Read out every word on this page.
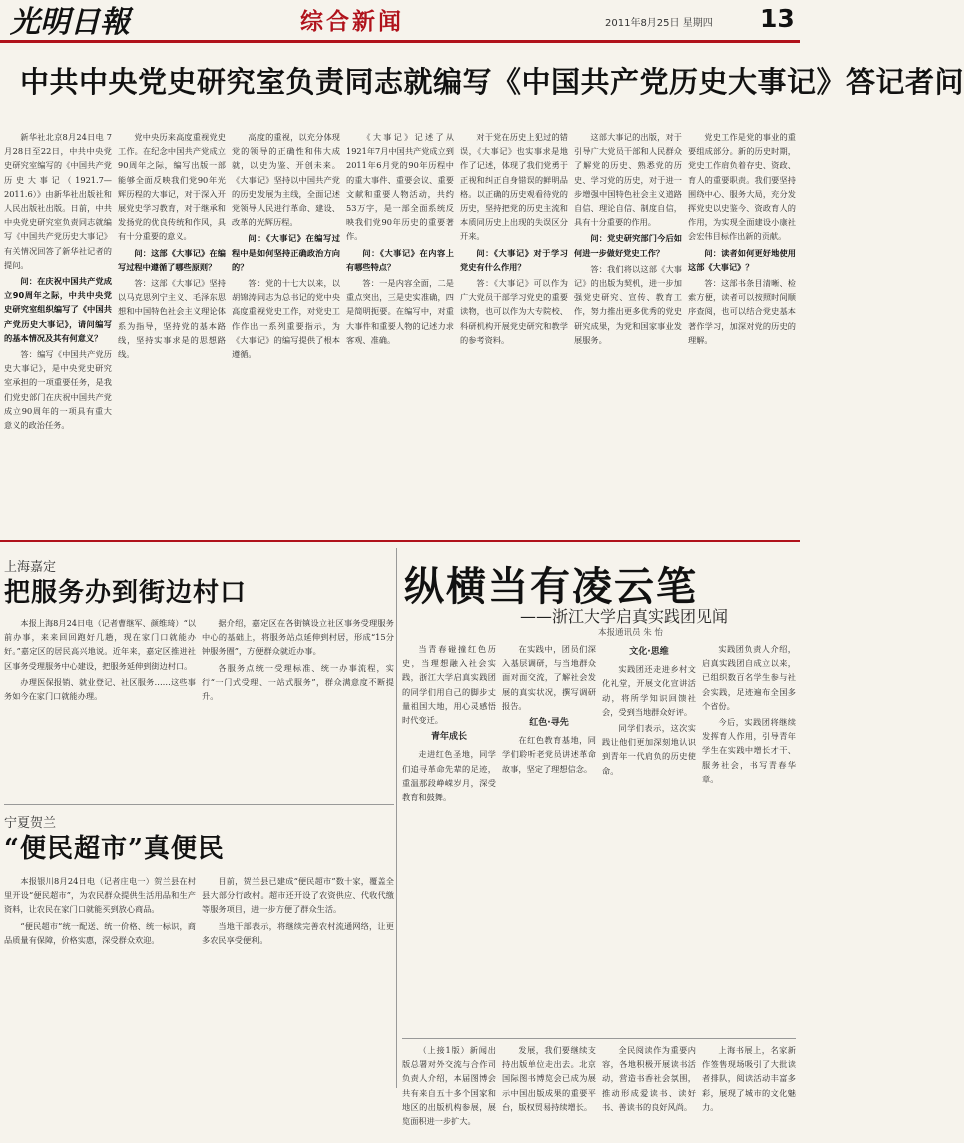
光明日報	综合新闻	2011年8月25日 星期四 13
中共中央党史研究室负责同志就编写《中国共产党历史大事记》答记者问

新华社北京8月24日电 7月28日至22日，中共中央党史研究室编写的《中国共产党历史大事记（1921.7—2011.6）》由新华社出版社和人民出版社出版。日前，中共中央党史研究室负责同志就编写《中国共产党历史大事记》有关情况回答了新华社记者的提问。

问：在庆祝中国共产党成立90周年之际，中共中央党史研究室组织编写了《中国共产党历史大事记》，请问编写的基本情况及其有何意义？

答：编写《中国共产党历史大事记》，是中央党史研究室承担的一项重要任务，是我们党史部门在庆祝中国共产党成立90周年的一项具有重大意义的政治任务。

党中央历来高度重视党史工作。在纪念中国共产党成立90周年之际，编写出版一部能够全面反映我们党90年光辉历程的大事记，对于深入开展党史学习教育，对于继承和发扬党的优良传统和作风，具有十分重要的意义。

问：这部《大事记》在编写过程中遵循了哪些原则？

答：这部《大事记》坚持以马克思列宁主义、毛泽东思想和中国特色社会主义理论体系为指导，坚持党的基本路线，坚持实事求是的思想路线。

高度的重视，以充分体现党的领导的正确性和伟大成就，以史为鉴、开创未来。《大事记》坚持以中国共产党的历史发展为主线，全面记述党领导人民进行革命、建设、改革的光辉历程。

问：《大事记》在编写过程中是如何坚持正确政治方向的？

答：党的十七大以来，以胡锦涛同志为总书记的党中央高度重视党史工作，对党史工作作出一系列重要指示，为《大事记》的编写提供了根本遵循。

《大事记》记述了从1921年7月中国共产党成立到2011年6月党的90年历程中的重大事件、重要会议、重要文献和重要人物活动，共约53万字，是一部全面系统反映我们党90年历史的重要著作。

问：《大事记》在内容上有哪些特点？

答：一是内容全面，二是重点突出，三是史实准确，四是简明扼要。在编写中，对重大事件和重要人物的记述力求客观、准确。

对于党在历史上犯过的错误，《大事记》也实事求是地作了记述，体现了我们党勇于正视和纠正自身错误的鲜明品格。以正确的历史观看待党的历史，坚持把党的历史主流和本质同历史上出现的失误区分开来。

问：《大事记》对于学习党史有什么作用？

答：《大事记》可以作为广大党员干部学习党史的重要读物，也可以作为大专院校、科研机构开展党史研究和教学的参考资料。

这部大事记的出版，对于引导广大党员干部和人民群众了解党的历史、熟悉党的历史、学习党的历史，对于进一步增强中国特色社会主义道路自信、理论自信、制度自信，具有十分重要的作用。

问：党史研究部门今后如何进一步做好党史工作？

答：我们将以这部《大事记》的出版为契机，进一步加强党史研究、宣传、教育工作，努力推出更多优秀的党史研究成果，为党和国家事业发展服务。

党史工作是党的事业的重要组成部分。新的历史时期，党史工作肩负着存史、资政、育人的重要职责。我们要坚持围绕中心、服务大局，充分发挥党史以史鉴今、资政育人的作用，为实现全面建设小康社会宏伟目标作出新的贡献。

问：读者如何更好地使用这部《大事记》？

答：这部书条目清晰、检索方便，读者可以按照时间顺序查阅，也可以结合党史基本著作学习，加深对党的历史的理解。

上海嘉定
把服务办到街边村口

本报上海8月24日电（记者曹继军、颜维琦）“以前办事，来来回回跑好几趟，现在家门口就能办好。”嘉定区的居民高兴地说。近年来，嘉定区推进社区事务受理服务中心建设，把服务延伸到街边村口。

办理医保报销、就业登记、社区服务……这些事务如今在家门口就能办理。

据介绍，嘉定区在各街镇设立社区事务受理服务中心的基础上，将服务站点延伸到村居，形成“15分钟服务圈”，方便群众就近办事。

各服务点统一受理标准、统一办事流程，实行“一门式受理、一站式服务”，群众满意度不断提升。

宁夏贺兰
“便民超市”真便民

本报银川8月24日电（记者庄电一）贺兰县在村里开设“便民超市”，为农民群众提供生活用品和生产资料，让农民在家门口就能买到放心商品。

“便民超市”统一配送、统一价格、统一标识，商品质量有保障，价格实惠，深受群众欢迎。

目前，贺兰县已建成“便民超市”数十家，覆盖全县大部分行政村。超市还开设了农资供应、代收代缴等服务项目，进一步方便了群众生活。

当地干部表示，将继续完善农村流通网络，让更多农民享受便利。

纵横当有凌云笔
——浙江大学启真实践团见闻
本报通讯员 朱 怡

当青春碰撞红色历史，当理想融入社会实践，浙江大学启真实践团的同学们用自己的脚步丈量祖国大地，用心灵感悟时代变迁。

青年成长

走进红色圣地，同学们追寻革命先辈的足迹，重温那段峥嵘岁月，深受教育和鼓舞。

在实践中，团员们深入基层调研，与当地群众面对面交流，了解社会发展的真实状况，撰写调研报告。

红色·寻先

在红色教育基地，同学们聆听老党员讲述革命故事，坚定了理想信念。

文化·思维

实践团还走进乡村文化礼堂，开展文化宣讲活动，将所学知识回馈社会，受到当地群众好评。

同学们表示，这次实践让他们更加深刻地认识到青年一代肩负的历史使命。

实践团负责人介绍，启真实践团自成立以来，已组织数百名学生参与社会实践，足迹遍布全国多个省份。

今后，实践团将继续发挥育人作用，引导青年学生在实践中增长才干、服务社会，书写青春华章。

（上接1版）新闻出版总署对外交流与合作司负责人介绍，本届图博会共有来自五十多个国家和地区的出版机构参展，展览面积进一步扩大。

发展，我们要继续支持出版单位走出去。北京国际图书博览会已成为展示中国出版成果的重要平台，版权贸易持续增长。

全民阅读作为重要内容，各地积极开展读书活动，营造书香社会氛围，推动形成爱读书、读好书、善读书的良好风尚。

上海书展上，名家新作签售现场吸引了大批读者排队，阅读活动丰富多彩，展现了城市的文化魅力。
